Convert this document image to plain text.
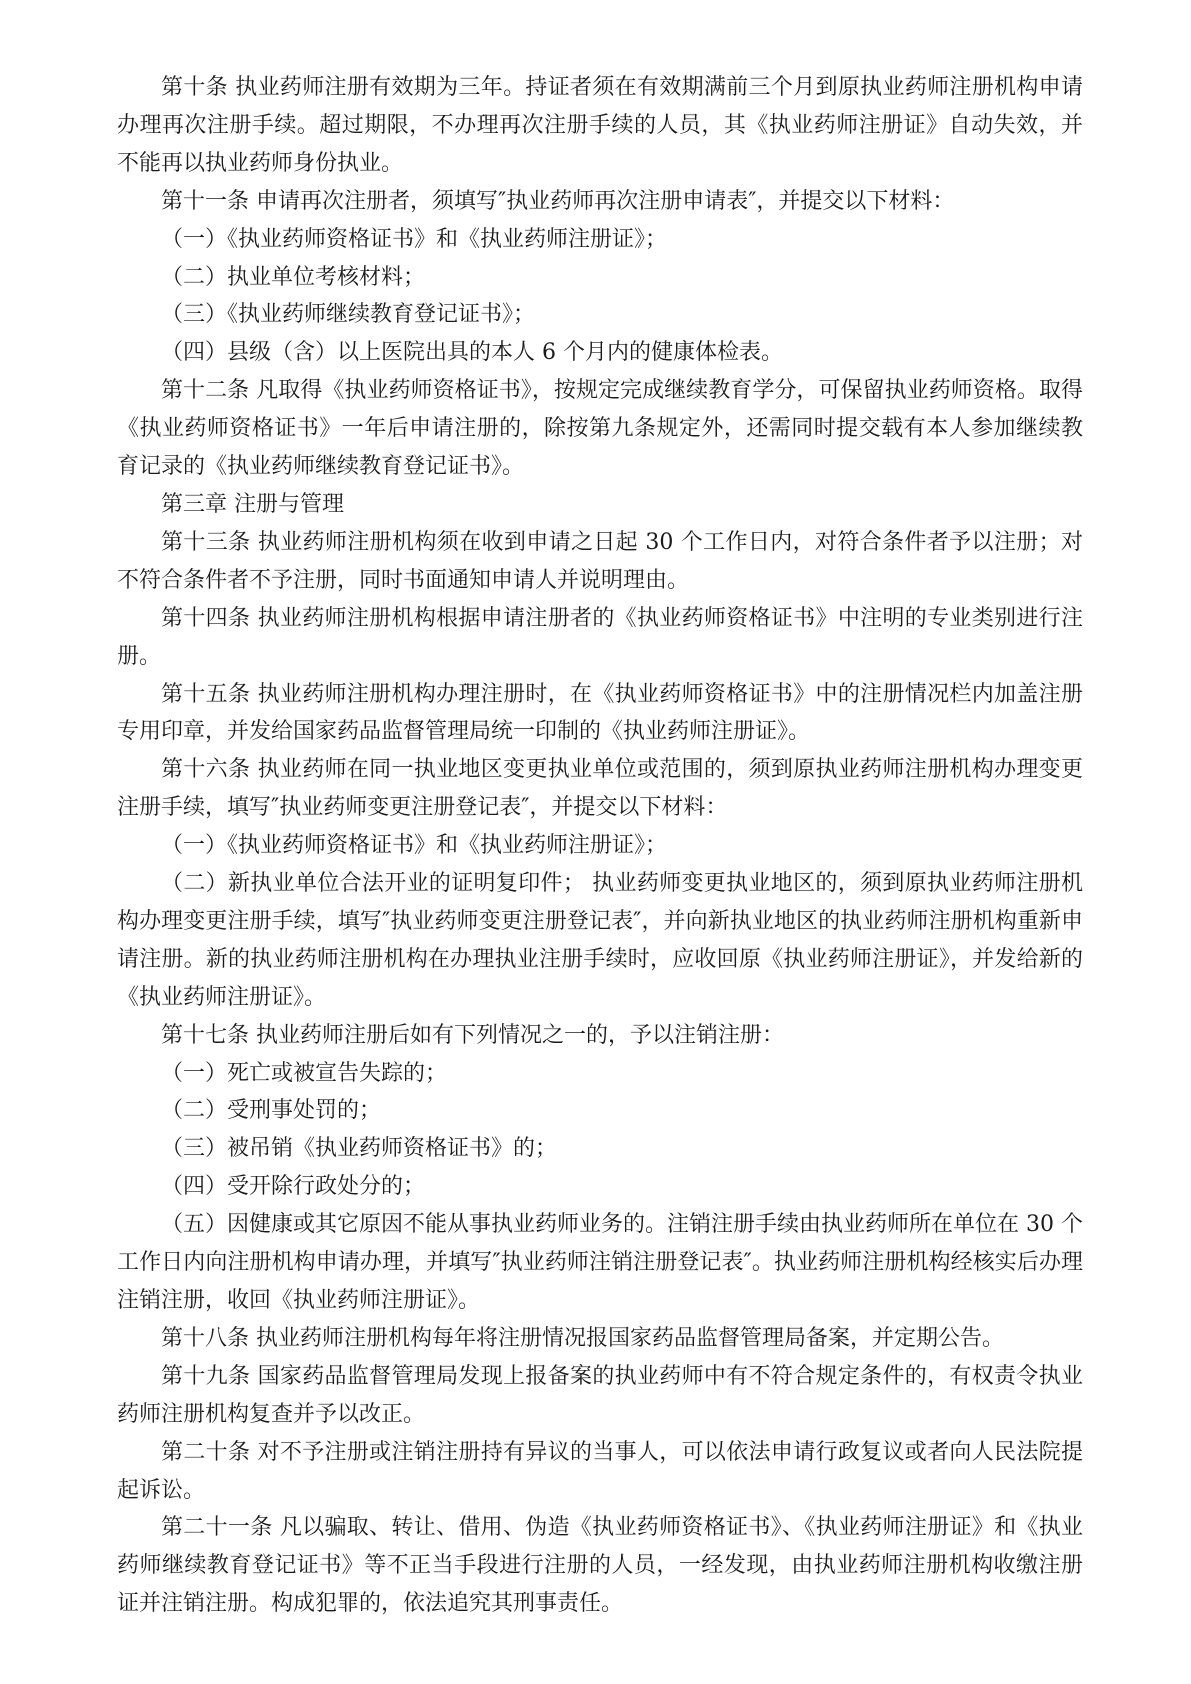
第十条 执业药师注册有效期为三年。持证者须在有效期满前三个月到原执业药师注册机构申请办理再次注册手续。超过期限，不办理再次注册手续的人员，其《执业药师注册证》自动失效，并不能再以执业药师身份执业。

第十一条 申请再次注册者，须填写″执业药师再次注册申请表″，并提交以下材料：

（一）《执业药师资格证书》和《执业药师注册证》；

（二）执业单位考核材料；

（三）《执业药师继续教育登记证书》；

（四）县级（含）以上医院出具的本人 6 个月内的健康体检表。

第十二条 凡取得《执业药师资格证书》，按规定完成继续教育学分，可保留执业药师资格。取得《执业药师资格证书》一年后申请注册的，除按第九条规定外，还需同时提交载有本人参加继续教育记录的《执业药师继续教育登记证书》。

第三章 注册与管理

第十三条 执业药师注册机构须在收到申请之日起 30 个工作日内，对符合条件者予以注册；对不符合条件者不予注册，同时书面通知申请人并说明理由。

第十四条 执业药师注册机构根据申请注册者的《执业药师资格证书》中注明的专业类别进行注册。

第十五条 执业药师注册机构办理注册时，在《执业药师资格证书》中的注册情况栏内加盖注册专用印章，并发给国家药品监督管理局统一印制的《执业药师注册证》。

第十六条 执业药师在同一执业地区变更执业单位或范围的，须到原执业药师注册机构办理变更注册手续，填写″执业药师变更注册登记表″，并提交以下材料：

（一）《执业药师资格证书》和《执业药师注册证》；

（二）新执业单位合法开业的证明复印件； 执业药师变更执业地区的，须到原执业药师注册机构办理变更注册手续，填写″执业药师变更注册登记表″，并向新执业地区的执业药师注册机构重新申请注册。新的执业药师注册机构在办理执业注册手续时，应收回原《执业药师注册证》，并发给新的《执业药师注册证》。

第十七条 执业药师注册后如有下列情况之一的，予以注销注册：

（一）死亡或被宣告失踪的；

（二）受刑事处罚的；

（三）被吊销《执业药师资格证书》的；

（四）受开除行政处分的；

（五）因健康或其它原因不能从事执业药师业务的。注销注册手续由执业药师所在单位在 30 个工作日内向注册机构申请办理，并填写″执业药师注销注册登记表″。执业药师注册机构经核实后办理注销注册，收回《执业药师注册证》。

第十八条 执业药师注册机构每年将注册情况报国家药品监督管理局备案，并定期公告。

第十九条 国家药品监督管理局发现上报备案的执业药师中有不符合规定条件的，有权责令执业药师注册机构复查并予以改正。

第二十条 对不予注册或注销注册持有异议的当事人，可以依法申请行政复议或者向人民法院提起诉讼。

第二十一条 凡以骗取、转让、借用、伪造《执业药师资格证书》、《执业药师注册证》和《执业药师继续教育登记证书》等不正当手段进行注册的人员，一经发现，由执业药师注册机构收缴注册证并注销注册。构成犯罪的，依法追究其刑事责任。
